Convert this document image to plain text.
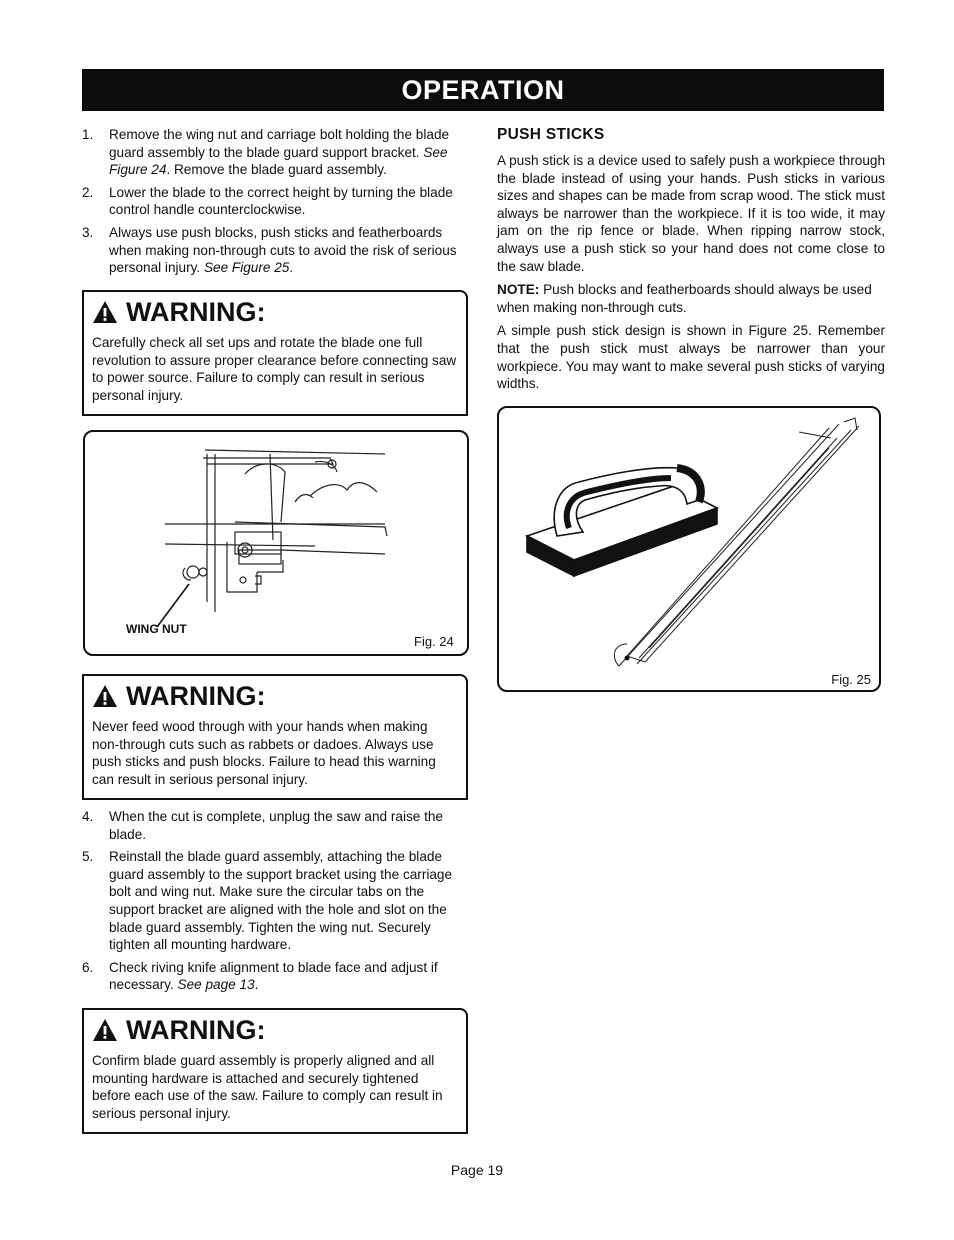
OPERATION
1. Remove the wing nut and carriage bolt holding the blade guard assembly to the blade guard support bracket. See Figure 24. Remove the blade guard assembly.
2. Lower the blade to the correct height by turning the blade control handle counterclockwise.
3. Always use push blocks, push sticks and featherboards when making non-through cuts to avoid the risk of serious personal injury. See Figure 25.
WARNING:

Carefully check all set ups and rotate the blade one full revolution to assure proper clearance before connecting saw to power source. Failure to comply can result in serious personal injury.

WING NUT
Fig. 24
WARNING:

Never feed wood through with your hands when making non-through cuts such as rabbets or dadoes. Always use push sticks and push blocks. Failure to head this warning can result in serious personal injury.

4. When the cut is complete, unplug the saw and raise the blade.
5. Reinstall the blade guard assembly, attaching the blade guard assembly to the support bracket using the carriage bolt and wing nut. Make sure the circular tabs on the support bracket are aligned with the hole and slot on the blade guard assembly. Tighten the wing nut. Securely tighten all mounting hardware.
6. Check riving knife alignment to blade face and adjust if necessary. See page 13.
WARNING:

Confirm blade guard assembly is properly aligned and all mounting hardware is attached and securely tightened before each use of the saw. Failure to comply can result in serious personal injury.

PUSH STICKS

A push stick is a device used to safely push a workpiece through the blade instead of using your hands. Push sticks in various sizes and shapes can be made from scrap wood. The stick must always be narrower than the workpiece. If it is too wide, it may jam on the rip fence or blade. When ripping narrow stock, always use a push stick so your hand does not come close to the saw blade.

NOTE: Push blocks and featherboards should always be used when making non-through cuts.

A simple push stick design is shown in Figure 25. Remember that the push stick must always be narrower than your workpiece. You may want to make several push sticks of varying widths.

Fig. 25
Page 19
